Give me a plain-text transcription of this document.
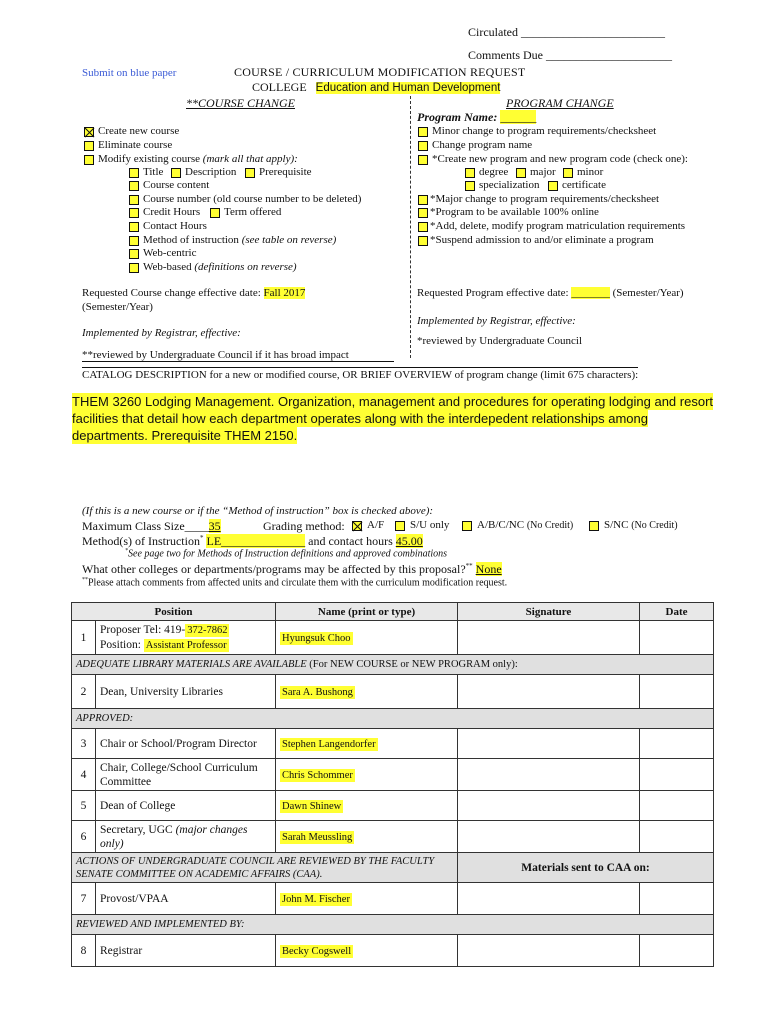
Circulated ________________________
Comments Due _____________________
Submit on blue paper	COURSE / CURRICULUM MODIFICATION REQUEST
COLLEGE Education and Human Development
**COURSE CHANGE
Create new course
Eliminate course
Modify existing course (mark all that apply):
Title Description Prerequisite
Course content
Course number (old course number to be deleted)
Credit Hours Term offered
Contact Hours
Method of instruction (see table on reverse)
Web-centric
Web-based (definitions on reverse)
Requested Course change effective date: Fall 2017
(Semester/Year)
Implemented by Registrar, effective:
**reviewed by Undergraduate Council if it has broad impact
PROGRAM CHANGE
Program Name: ______
Minor change to program requirements/checksheet
Change program name
*Create new program and new program code (check one):
degree major minor
specialization certificate
*Major change to program requirements/checksheet
*Program to be available 100% online
*Add, delete, modify program matriculation requirements
*Suspend admission to and/or eliminate a program
Requested Program effective date: _______ (Semester/Year)
Implemented by Registrar, effective:
*reviewed by Undergraduate Council
CATALOG DESCRIPTION for a new or modified course, OR BRIEF OVERVIEW of program change (limit 675 characters):
THEM 3260 Lodging Management. Organization, management and procedures for operating lodging and resort
facilities that detail how each department operates along with the interdepedent relationships among
departments. Prerequisite THEM 2150.
(If this is a new course or if the “Method of instruction” box is checked above):
Maximum Class Size____35	Grading method: A/F S/U only	A/B/C/NC (No Credit)	S/NC (No Credit)
Method(s) of Instruction* LE______________ and contact hours 45.00
*See page two for Methods of Instruction definitions and approved combinations
What other colleges or departments/programs may be affected by this proposal?** None
**Please attach comments from affected units and circulate them with the curriculum modification request.
Position		Name (print or type)	Signature	Date
1	Proposer Tel: 419- 372-7862
Position: Assistant Professor	Hyungsuk Choo		
ADEQUATE LIBRARY MATERIALS ARE AVAILABLE (For NEW COURSE or NEW PROGRAM only):				
2	Dean, University Libraries	Sara A. Bushong		
APPROVED:				
3	Chair or School/Program Director	Stephen Langendorfer		
4	Chair, College/School Curriculum Committee	Chris Schommer		
5	Dean of College	Dawn Shinew		
6	Secretary, UGC (major changes only)	Sarah Meussling		
ACTIONS OF UNDERGRADUATE COUNCIL ARE REVIEWED BY THE FACULTY SENATE COMMITTEE ON ACADEMIC AFFAIRS (CAA).			Materials sent to CAA on:	
7	Provost/VPAA	John M. Fischer		
REVIEWED AND IMPLEMENTED BY:				
8	Registrar	Becky Cogswell		
